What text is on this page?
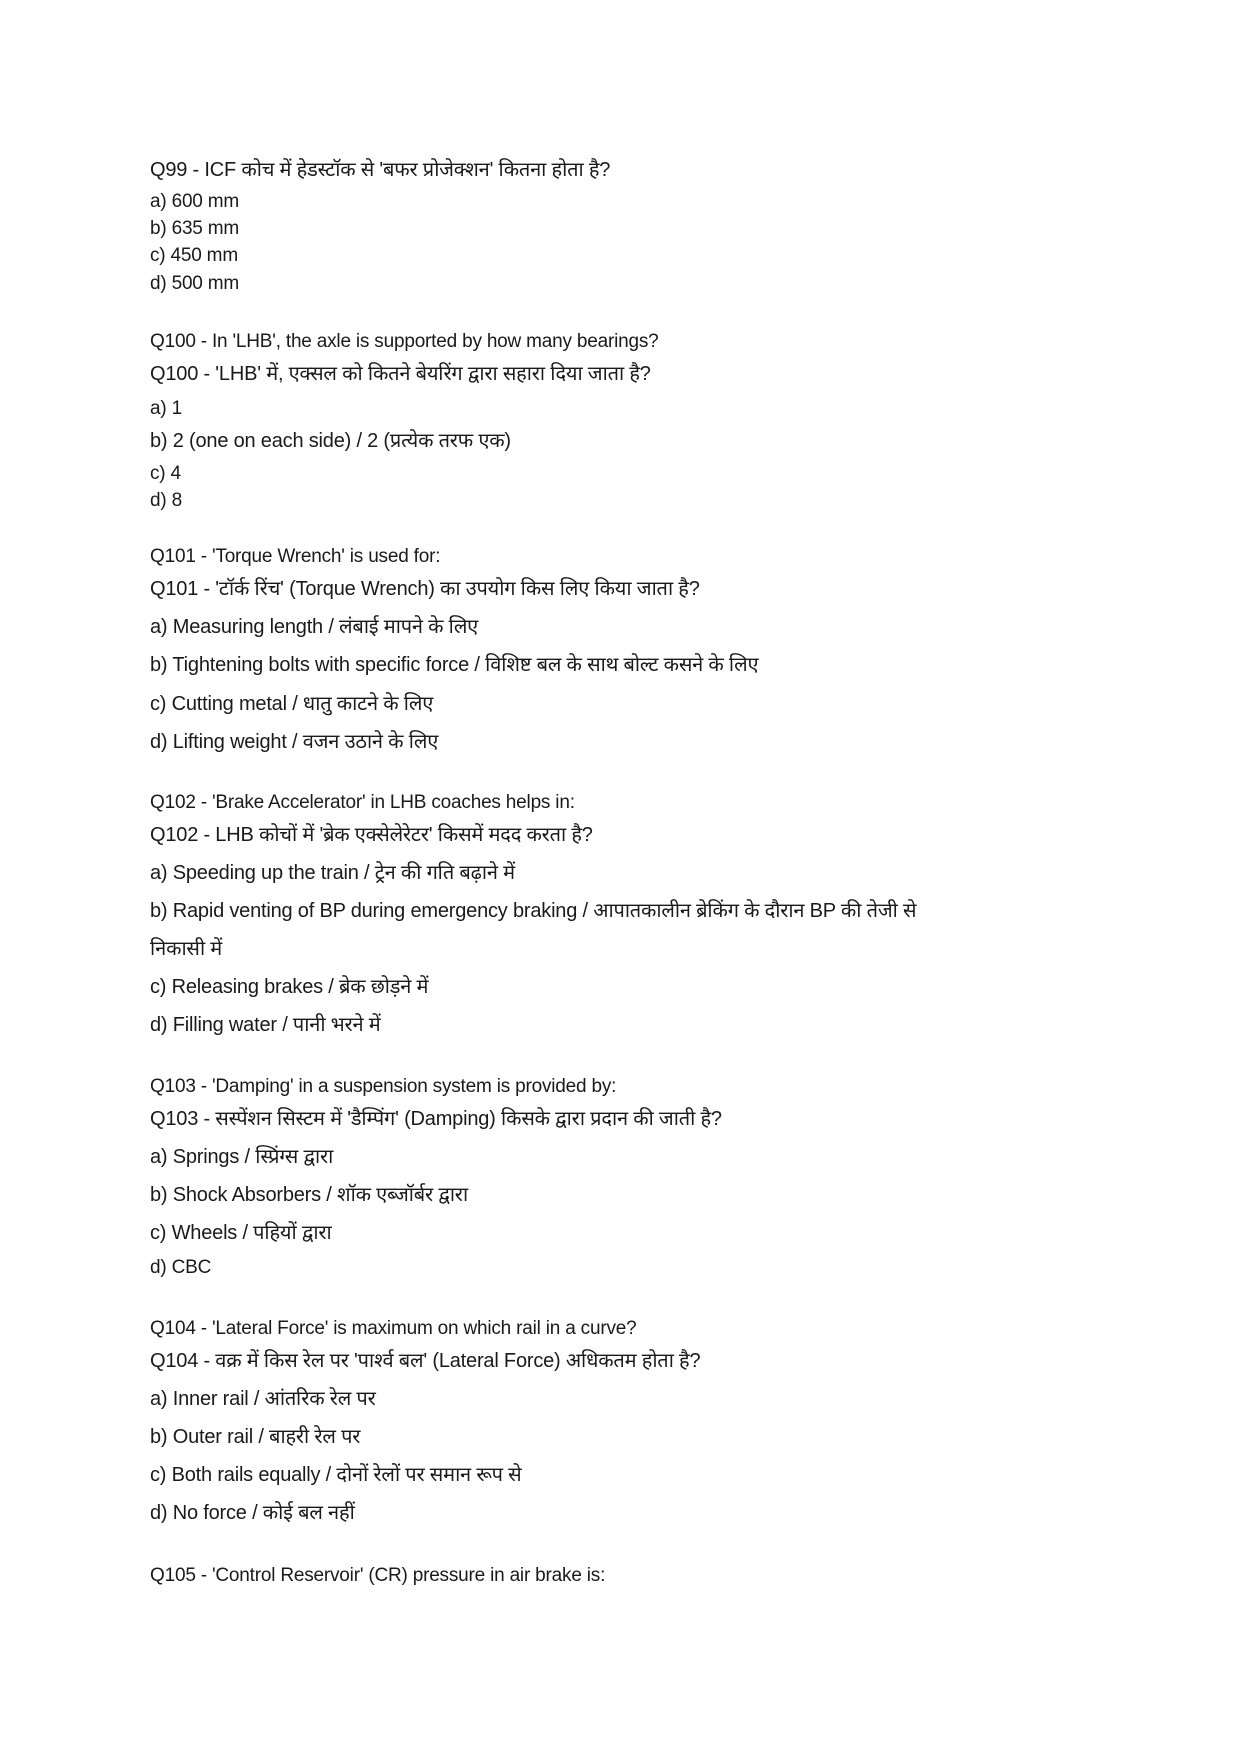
Q99 - ICF कोच में हेडस्टॉक से 'बफर प्रोजेक्शन' कितना होता है?
a) 600 mm
b) 635 mm
c) 450 mm
d) 500 mm
Q100 - In 'LHB', the axle is supported by how many bearings?
Q100 - 'LHB' में, एक्सल को कितने बेयरिंग द्वारा सहारा दिया जाता है?
a) 1
b) 2 (one on each side) / 2 (प्रत्येक तरफ एक)
c) 4
d) 8
Q101 - 'Torque Wrench' is used for:
Q101 - 'टॉर्क रिंच' (Torque Wrench) का उपयोग किस लिए किया जाता है?
a) Measuring length / लंबाई मापने के लिए
b) Tightening bolts with specific force / विशिष्ट बल के साथ बोल्ट कसने के लिए
c) Cutting metal / धातु काटने के लिए
d) Lifting weight / वजन उठाने के लिए
Q102 - 'Brake Accelerator' in LHB coaches helps in:
Q102 - LHB कोचों में 'ब्रेक एक्सेलेरेटर' किसमें मदद करता है?
a) Speeding up the train / ट्रेन की गति बढ़ाने में
b) Rapid venting of BP during emergency braking / आपातकालीन ब्रेकिंग के दौरान BP की तेजी से
निकासी में
c) Releasing brakes / ब्रेक छोड़ने में
d) Filling water / पानी भरने में
Q103 - 'Damping' in a suspension system is provided by:
Q103 - सस्पेंशन सिस्टम में 'डैम्पिंग' (Damping) किसके द्वारा प्रदान की जाती है?
a) Springs / स्प्रिंग्स द्वारा
b) Shock Absorbers / शॉक एब्जॉर्बर द्वारा
c) Wheels / पहियों द्वारा
d) CBC
Q104 - 'Lateral Force' is maximum on which rail in a curve?
Q104 - वक्र में किस रेल पर 'पार्श्व बल' (Lateral Force) अधिकतम होता है?
a) Inner rail / आंतरिक रेल पर
b) Outer rail / बाहरी रेल पर
c) Both rails equally / दोनों रेलों पर समान रूप से
d) No force / कोई बल नहीं
Q105 - 'Control Reservoir' (CR) pressure in air brake is:
